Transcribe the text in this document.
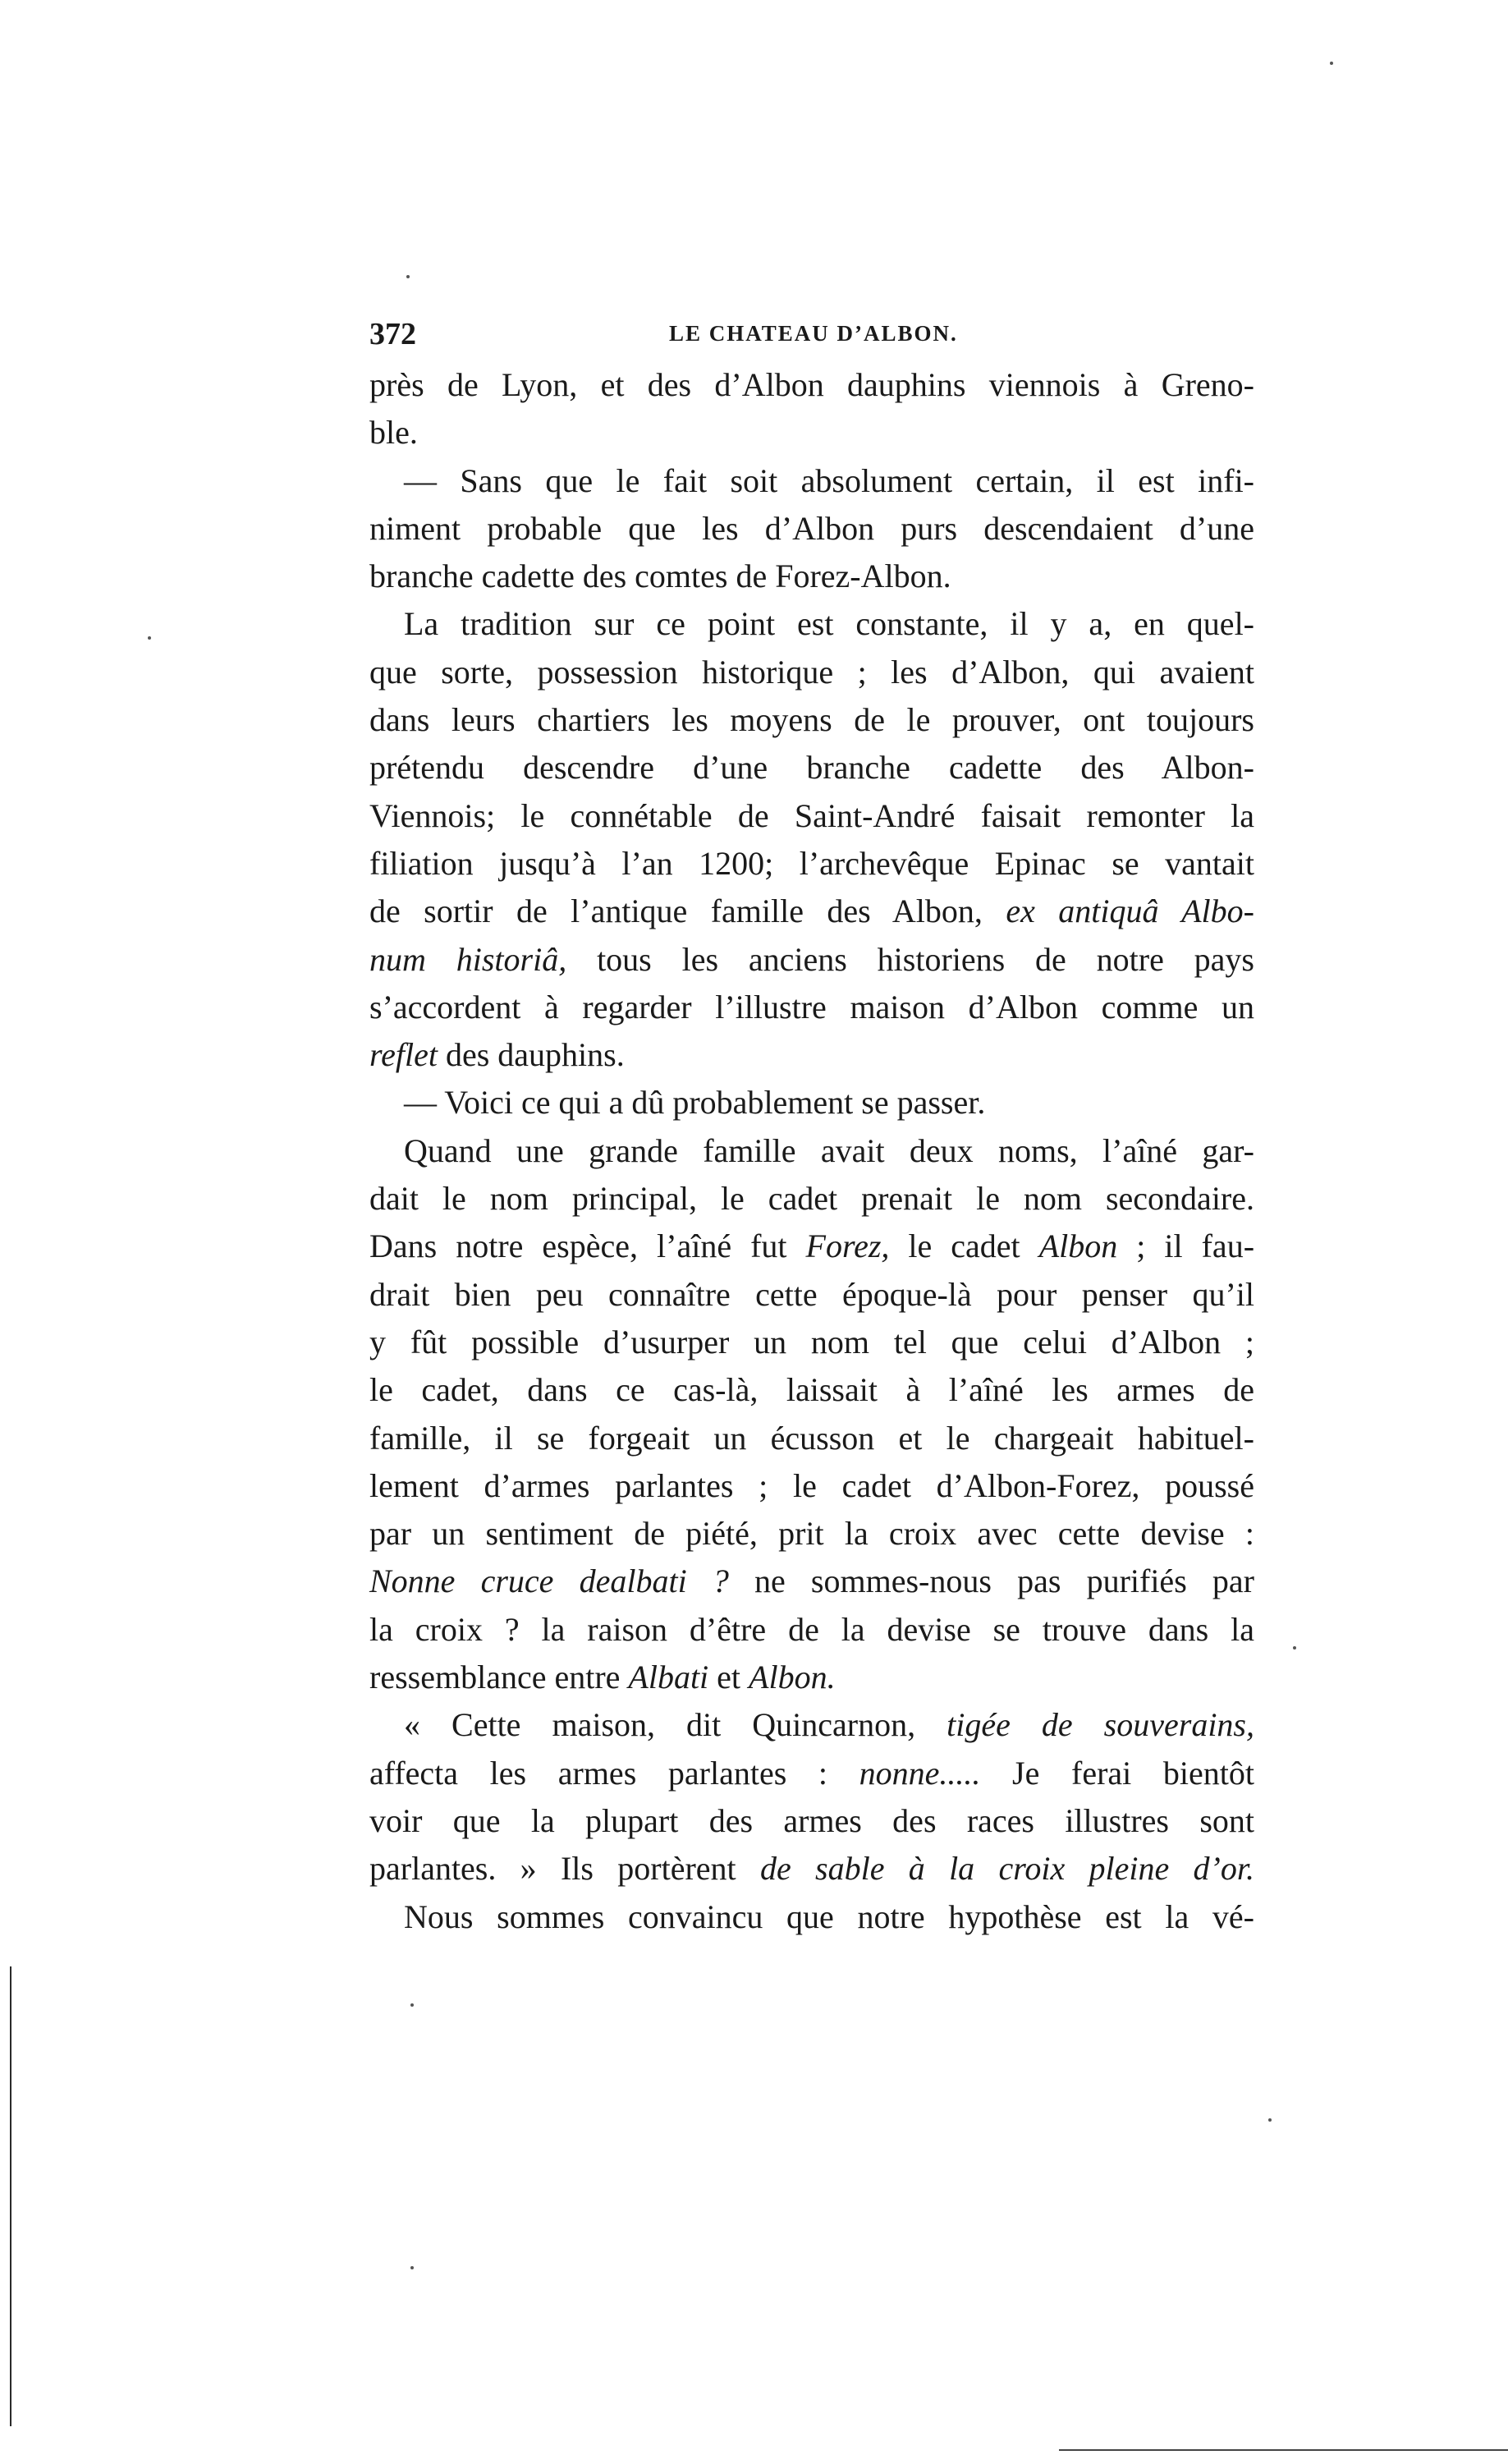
372	LE CHATEAU D’ALBON.
près de Lyon, et des d’Albon dauphins viennois à Greno-
ble.
— Sans que le fait soit absolument certain, il est infi-
niment probable que les d’Albon purs descendaient d’une
branche cadette des comtes de Forez-Albon.
La tradition sur ce point est constante, il y a, en quel-
que sorte, possession historique ; les d’Albon, qui avaient
dans leurs chartiers les moyens de le prouver, ont toujours
prétendu descendre d’une branche cadette des Albon-
Viennois; le connétable de Saint-André faisait remonter la
filiation jusqu’à l’an 1200; l’archevêque Epinac se vantait
de sortir de l’antique famille des Albon, ex antiquâ Albo-
num historiâ, tous les anciens historiens de notre pays
s’accordent à regarder l’illustre maison d’Albon comme un
reflet des dauphins.
— Voici ce qui a dû probablement se passer.
Quand une grande famille avait deux noms, l’aîné gar-
dait le nom principal, le cadet prenait le nom secondaire.
Dans notre espèce, l’aîné fut Forez, le cadet Albon ; il fau-
drait bien peu connaître cette époque-là pour penser qu’il
y fût possible d’usurper un nom tel que celui d’Albon ;
le cadet, dans ce cas-là, laissait à l’aîné les armes de
famille, il se forgeait un écusson et le chargeait habituel-
lement d’armes parlantes ; le cadet d’Albon-Forez, poussé
par un sentiment de piété, prit la croix avec cette devise :
Nonne cruce dealbati ? ne sommes-nous pas purifiés par
la croix ? la raison d’être de la devise se trouve dans la
ressemblance entre Albati et Albon.
« Cette maison, dit Quincarnon, tigée de souverains,
affecta les armes parlantes : nonne..... Je ferai bientôt
voir que la plupart des armes des races illustres sont
parlantes. » Ils portèrent de sable à la croix pleine d’or.
Nous sommes convaincu que notre hypothèse est la vé-
